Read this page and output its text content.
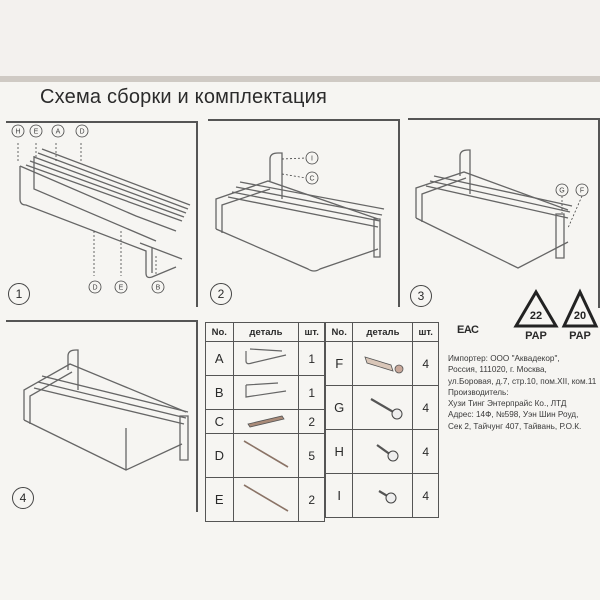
Схема сборки и комплектация
H E A	D
D	E	B
1
I
C
2
G F
3
4
No.	деталь	шт.
A		1
B		1
C		2
D		5
E		2
No.	деталь	шт.
F		4
G		4
H		4
I		4
22
PAP
20
PAP
ЕАС
Импортер: ООО "Аквадекор",
Россия, 111020, г. Москва,
ул.Боровая, д.7, стр.10, пом.XII, ком.11
Производитель:
Хузи Тинг Энтерпрайс Ко., ЛТД
Адрес: 14Ф, №598, Уэн Шин Роуд,
Сек 2, Тайчунг 407, Тайвань, Р.О.К.
